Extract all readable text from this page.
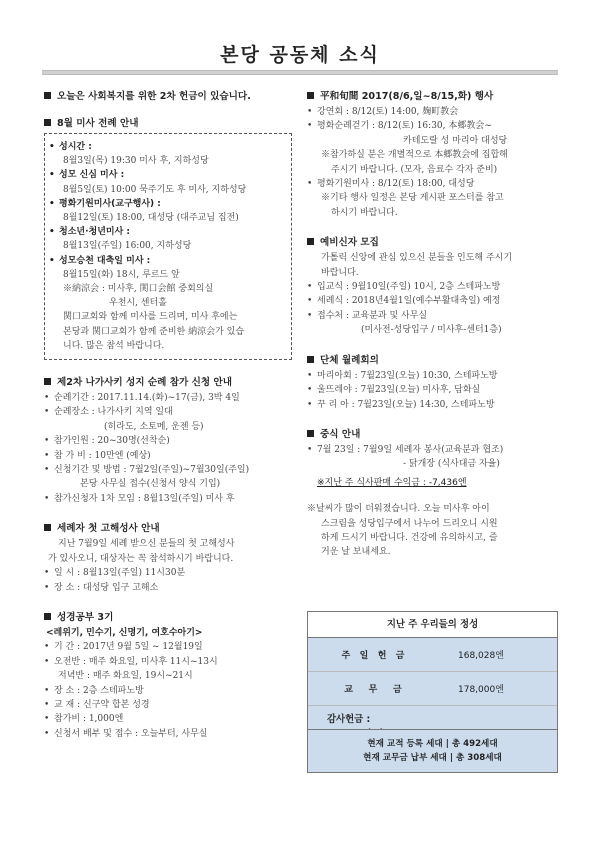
본당 공동체 소식
오늘은 사회복지를 위한 2차 헌금이 있습니다.
8월 미사 전례 안내
• 성시간 :
8월3일(목) 19:30 미사 후, 지하성당
• 성모 신심 미사 :
8월5일(토) 10:00 묵주기도 후 미사, 지하성당
• 평화기원미사(교구행사) :
8월12일(토) 18:00, 대성당 (대주교님 집전)
• 청소년·청년미사 :
8월13일(주일) 16:00, 지하성당
• 성모승천 대축일 미사 :
8월15일(화) 18시, 루르드 앞
※納涼会 : 미사후, 関口会館 중회의실
우천시, 센터홀
関口교회와 함께 미사를 드리며, 미사 후에는
본당과 関口교회가 함께 준비한 納涼会가 있습
니다. 많은 참석 바랍니다.
제2차 나가사키 성지 순례 참가 신청 안내
• 순례기간 : 2017.11.14.(화)~17(금), 3박 4일
• 순례장소 : 나가사키 지역 일대
(히라도, 소토메, 운젠 등)
• 참가인원 : 20~30명(선착순)
• 참 가 비 : 10만엔 (예상)
• 신청기간 및 방법 : 7월2일(주일)~7월30일(주일)
본당 사무실 접수(신청서 양식 기입)
• 참가신청자 1차 모임 : 8월13일(주일) 미사 후
세례자 첫 고해성사 안내
지난 7월9일 세례 받으신 분들의 첫 고해성사
가 있사오니, 대상자는 꼭 참석하시기 바랍니다.
• 일 시 : 8월13일(주일) 11시30분
• 장 소 : 대성당 입구 고해소
성경공부 3기
<레위기, 민수기, 신명기, 여호수아기>
• 기 간 : 2017년 9월 5일 ~ 12월19일
• 오전반 : 매주 화요일, 미사후 11시~13시
저녁반 : 매주 화요일, 19시~21시
• 장 소 : 2층 스테파노방
• 교 재 : 신구약 합본 성경
• 참가비 : 1,000엔
• 신청서 배부 및 접수 : 오늘부터, 사무실
平和旬間 2017(8/6,일~8/15,화) 행사
• 강연회 : 8/12(토) 14:00, 麹町教会
• 평화순례걷기 : 8/12(토) 16:30, 本郷教会~
카테도랄 성 마리아 대성당
※참가하실 분은 개별적으로 本郷教会에 집합해
주시기 바랍니다. (모자, 음료수 각자 준비)
• 평화기원미사 : 8/12(토) 18:00, 대성당
※기타 행사 일정은 본당 게시판 포스터를 참고
하시기 바랍니다.
예비신자 모집
가톨릭 신앙에 관심 있으신 분들을 인도해 주시기
바랍니다.
• 입교식 : 9월10일(주일) 10시, 2층 스테파노방
• 세례식 : 2018년4월1일(예수부활대축일) 예정
• 접수처 : 교육분과 및 사무실
(미사전-성당입구 / 미사후-센터1층)
단체 월례회의
• 마리아회 : 7월23일(오늘) 10:30, 스테파노방
• 울뜨레야 : 7월23일(오늘) 미사후, 담화실
• 꾸 리 아 : 7월23일(오늘) 14:30, 스테파노방
중식 안내
• 7월 23일 : 7월9일 세례자 봉사(교육분과 협조)
- 닭개장 (식사대금 자율)
※지난 주 식사판매 수익금 : -7,436엔
※날씨가 많이 더워졌습니다. 오늘 미사후 아이
스크림을 성당입구에서 나누어 드리오니 시원
하게 드시기 바랍니다. 건강에 유의하시고, 즐
거운 날 보내세요.
지난 주 우리들의 정성
주   일   헌   금	168,028엔
교     무     금	178,000엔
감사헌금 :
현재 교적 등록 세대 | 총 492세대
현재 교무금 납부 세대 | 총 308세대
